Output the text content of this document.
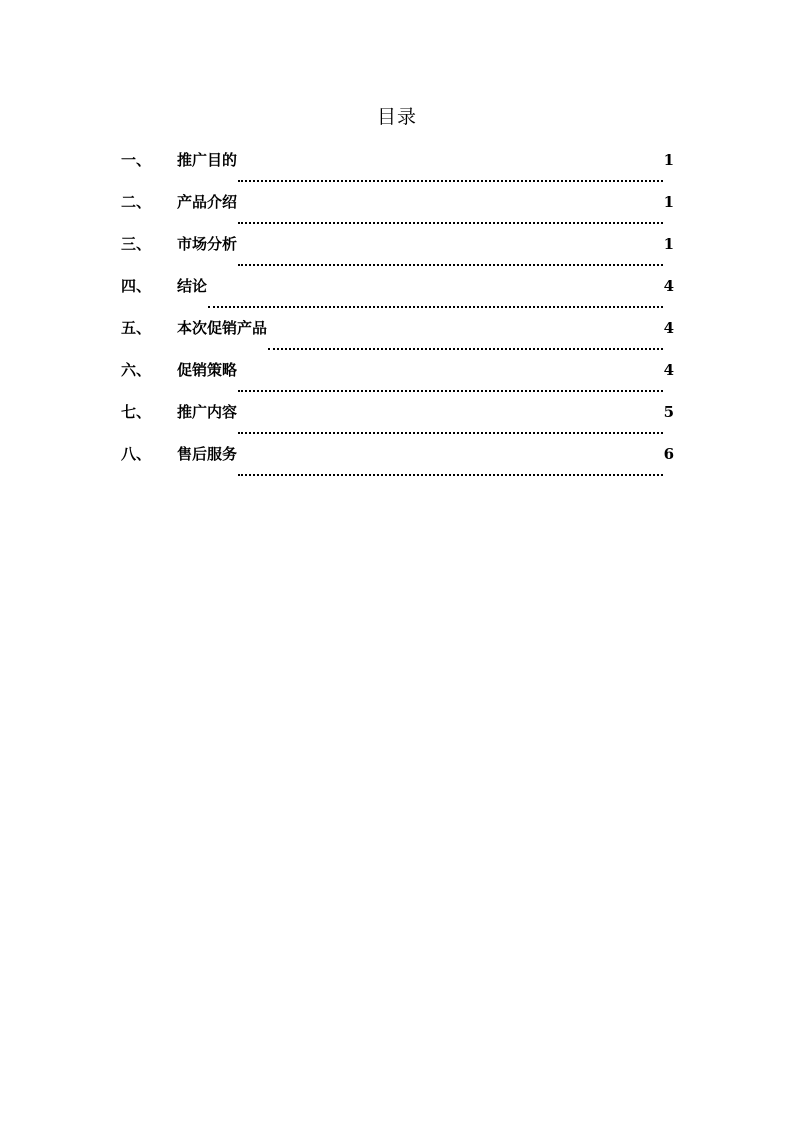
目录
一、	推广目的	1
二、	产品介绍	1
三、	市场分析	1
四、	结论	4
五、	本次促销产品	4
六、	促销策略	4
七、	推广内容	5
八、	售后服务	6
